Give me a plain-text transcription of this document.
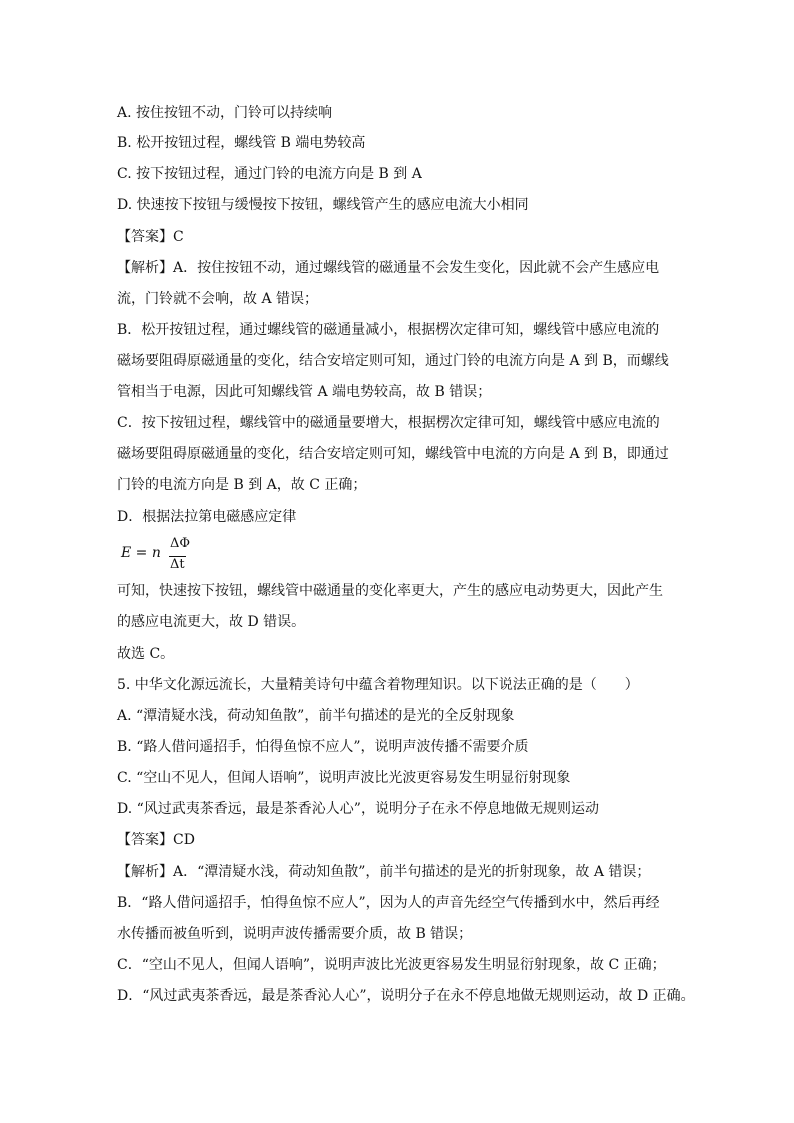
A. 按住按钮不动，门铃可以持续响
B. 松开按钮过程，螺线管 B 端电势较高
C. 按下按钮过程，通过门铃的电流方向是 B 到 A
D. 快速按下按钮与缓慢按下按钮，螺线管产生的感应电流大小相同
【答案】C
【解析】A．按住按钮不动，通过螺线管的磁通量不会发生变化，因此就不会产生感应电
流，门铃就不会响，故 A 错误；
B．松开按钮过程，通过螺线管的磁通量减小，根据楞次定律可知，螺线管中感应电流的
磁场要阻碍原磁通量的变化，结合安培定则可知，通过门铃的电流方向是 A 到 B，而螺线
管相当于电源，因此可知螺线管 A 端电势较高，故 B 错误；
C．按下按钮过程，螺线管中的磁通量要增大，根据楞次定律可知，螺线管中感应电流的
磁场要阻碍原磁通量的变化，结合安培定则可知，螺线管中电流的方向是 A 到 B，即通过
门铃的电流方向是 B 到 A，故 C 正确；
D．根据法拉第电磁感应定律
E = n
ΔΦ
Δt
可知，快速按下按钮，螺线管中磁通量的变化率更大，产生的感应电动势更大，因此产生
的感应电流更大，故 D 错误。
故选 C。
5. 中华文化源远流长，大量精美诗句中蕴含着物理知识。以下说法正确的是（　　）
A. “潭清疑水浅，荷动知鱼散”，前半句描述的是光的全反射现象
B. “路人借问遥招手，怕得鱼惊不应人”，说明声波传播不需要介质
C. “空山不见人，但闻人语响”，说明声波比光波更容易发生明显衍射现象
D. “风过武夷茶香远，最是茶香沁人心”，说明分子在永不停息地做无规则运动
【答案】CD
【解析】A．“潭清疑水浅，荷动知鱼散”，前半句描述的是光的折射现象，故 A 错误；
B．“路人借问遥招手，怕得鱼惊不应人”，因为人的声音先经空气传播到水中，然后再经
水传播而被鱼听到，说明声波传播需要介质，故 B 错误；
C．“空山不见人，但闻人语响”，说明声波比光波更容易发生明显衍射现象，故 C 正确；
D．“风过武夷茶香远，最是茶香沁人心”，说明分子在永不停息地做无规则运动，故 D 正确。
